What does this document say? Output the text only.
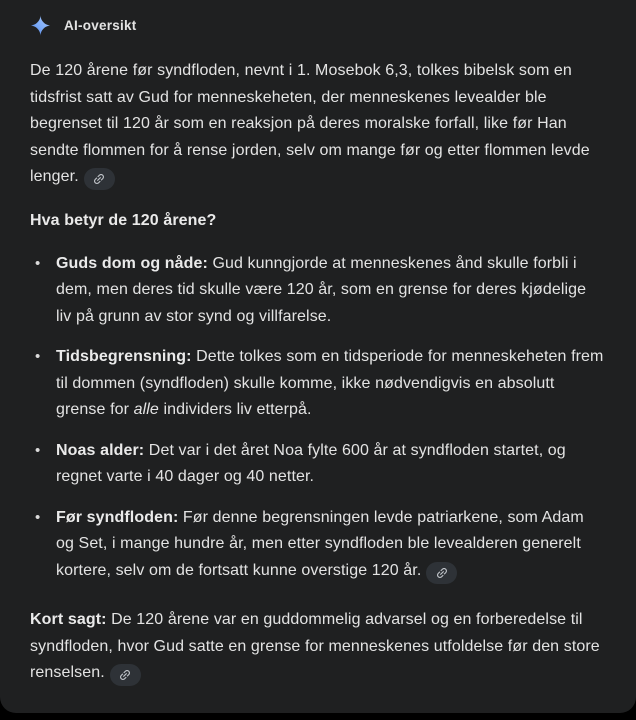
AI-oversikt

De 120 årene før syndfloden, nevnt i 1. Mosebok 6,3, tolkes bibelsk som en tidsfrist satt av Gud for menneskeheten, der menneskenes levealder ble begrenset til 120 år som en reaksjon på deres moralske forfall, like før Han sendte flommen for å rense jorden, selv om mange før og etter flommen levde lenger.

Hva betyr de 120 årene?
• Guds dom og nåde: Gud kunngjorde at menneskenes ånd skulle forbli i dem, men deres tid skulle være 120 år, som en grense for deres kjødelige liv på grunn av stor synd og villfarelse.

• Tidsbegrensning: Dette tolkes som en tidsperiode for menneskeheten frem til dommen (syndfloden) skulle komme, ikke nødvendigvis en absolutt grense for alle individers liv etterpå.

• Noas alder: Det var i det året Noa fylte 600 år at syndfloden startet, og regnet varte i 40 dager og 40 netter.

• Før syndfloden: Før denne begrensningen levde patriarkene, som Adam og Set, i mange hundre år, men etter syndfloden ble levealderen generelt kortere, selv om de fortsatt kunne overstige 120 år.

Kort sagt: De 120 årene var en guddommelig advarsel og en forberedelse til syndfloden, hvor Gud satte en grense for menneskenes utfoldelse før den store renselsen.
